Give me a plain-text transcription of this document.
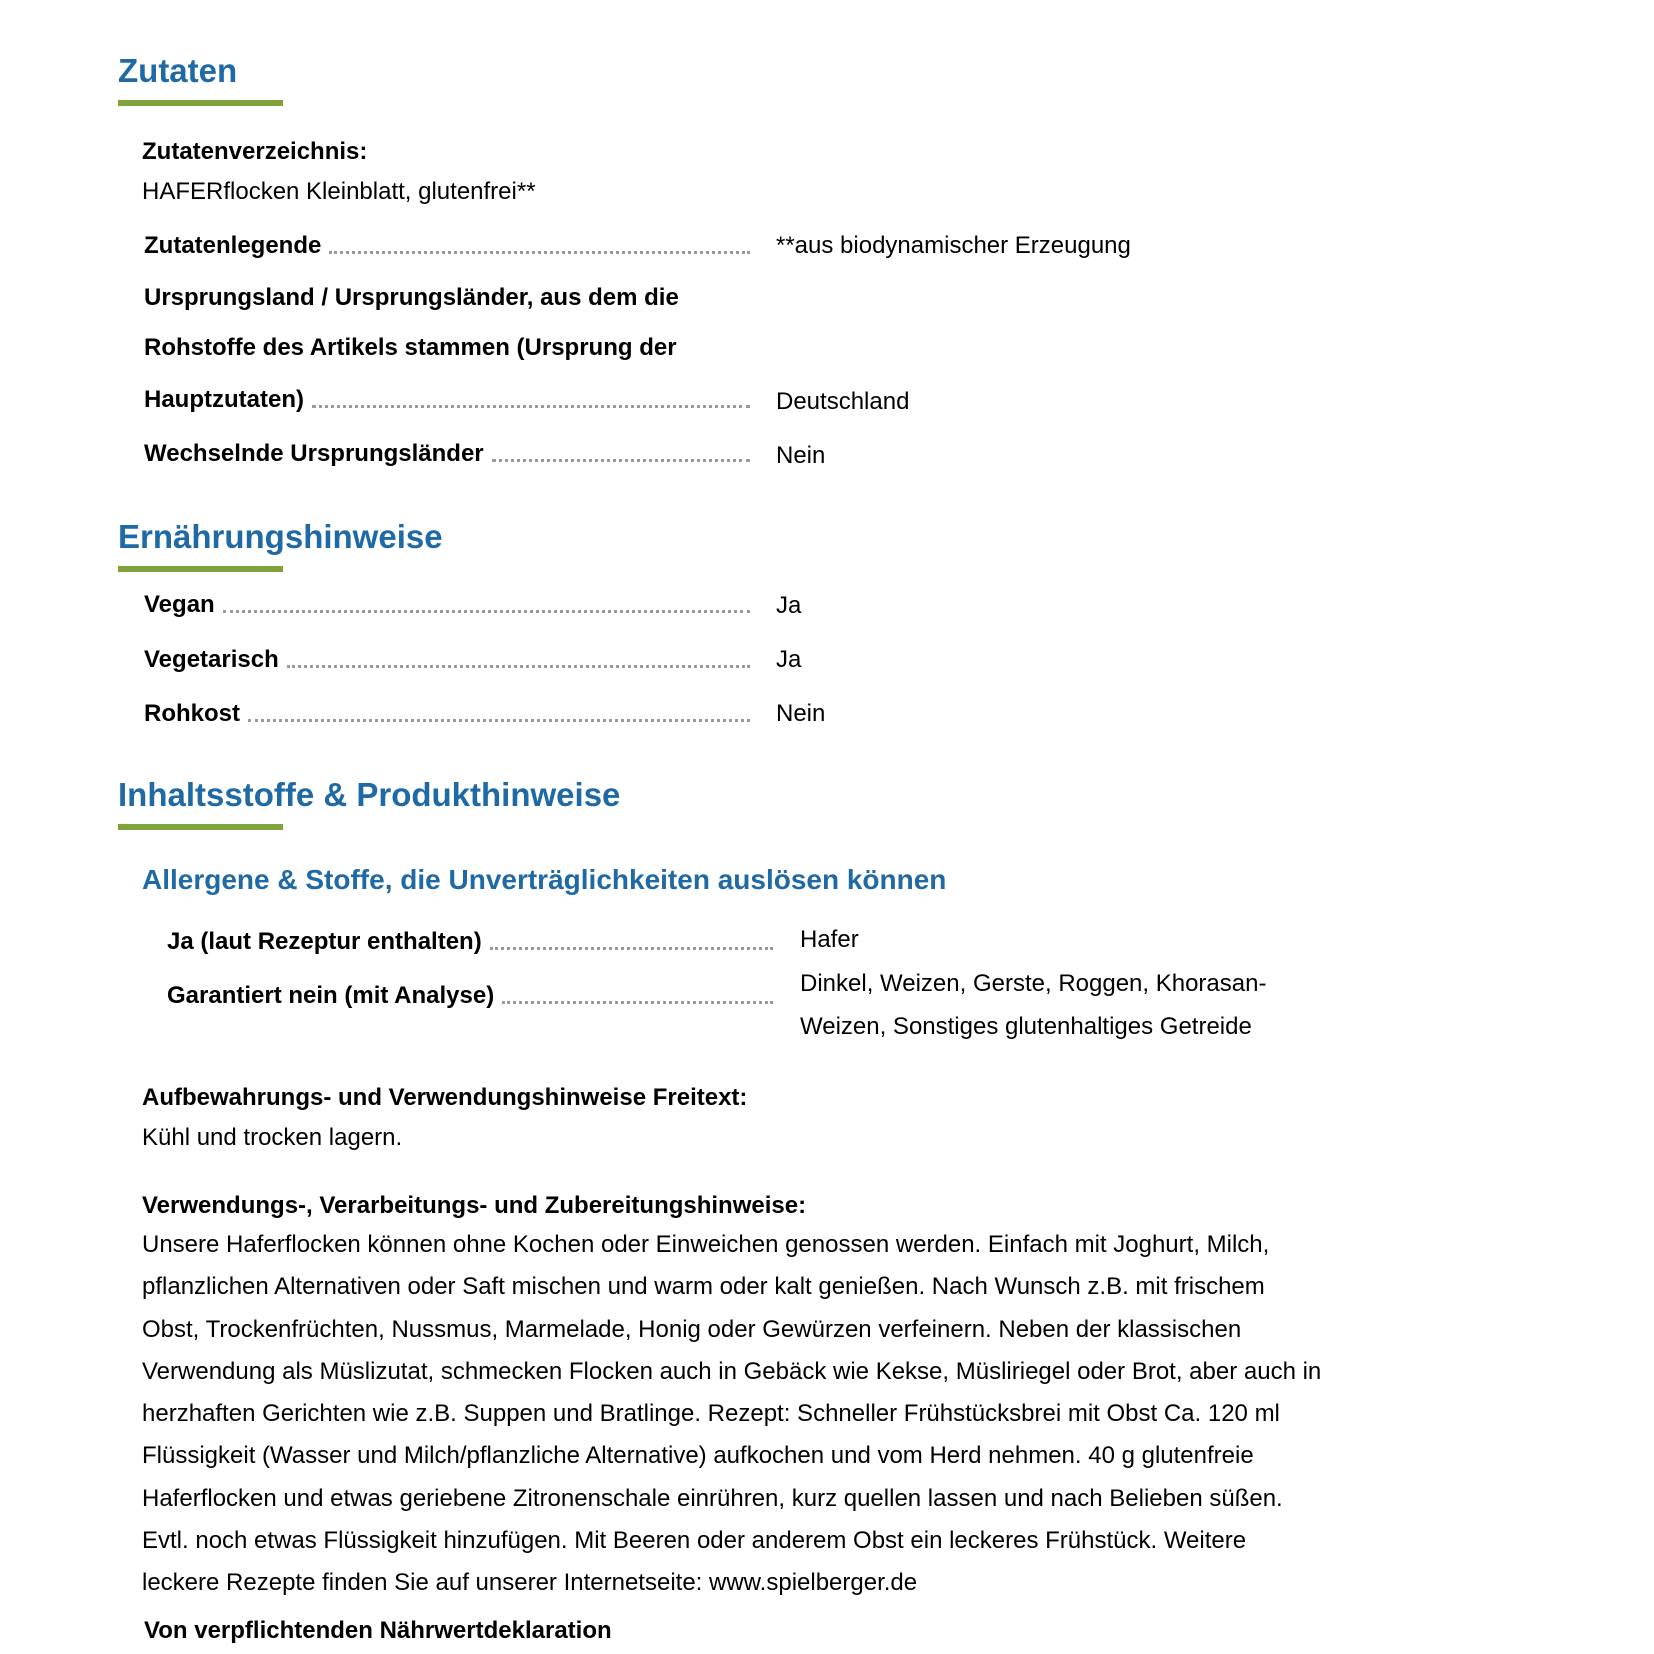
Zutaten
Zutatenverzeichnis:
HAFERflocken Kleinblatt, glutenfrei**
Zutatenlegende	**aus biodynamischer Erzeugung
Ursprungsland / Ursprungsländer, aus dem die
Rohstoffe des Artikels stammen (Ursprung der
Hauptzutaten)	Deutschland
Wechselnde Ursprungsländer	Nein
Ernährungshinweise
Vegan	Ja
Vegetarisch	Ja
Rohkost	Nein
Inhaltsstoffe & Produkthinweise
Allergene & Stoffe, die Unverträglichkeiten auslösen können
Ja (laut Rezeptur enthalten)	Hafer
Garantiert nein (mit Analyse)	Dinkel, Weizen, Gerste, Roggen, Khorasan-
Weizen, Sonstiges glutenhaltiges Getreide
Aufbewahrungs- und Verwendungshinweise Freitext:
Kühl und trocken lagern.
Verwendungs-, Verarbeitungs- und Zubereitungshinweise:
Unsere Haferflocken können ohne Kochen oder Einweichen genossen werden. Einfach mit Joghurt, Milch,
pflanzlichen Alternativen oder Saft mischen und warm oder kalt genießen. Nach Wunsch z.B. mit frischem
Obst, Trockenfrüchten, Nussmus, Marmelade, Honig oder Gewürzen verfeinern. Neben der klassischen
Verwendung als Müslizutat, schmecken Flocken auch in Gebäck wie Kekse, Müsliriegel oder Brot, aber auch in
herzhaften Gerichten wie z.B. Suppen und Bratlinge. Rezept: Schneller Frühstücksbrei mit Obst Ca. 120 ml
Flüssigkeit (Wasser und Milch/pflanzliche Alternative) aufkochen und vom Herd nehmen. 40 g glutenfreie
Haferflocken und etwas geriebene Zitronenschale einrühren, kurz quellen lassen und nach Belieben süßen.
Evtl. noch etwas Flüssigkeit hinzufügen. Mit Beeren oder anderem Obst ein leckeres Frühstück. Weitere
leckere Rezepte finden Sie auf unserer Internetseite: www.spielberger.de
Von verpflichtenden Nährwertdeklaration
